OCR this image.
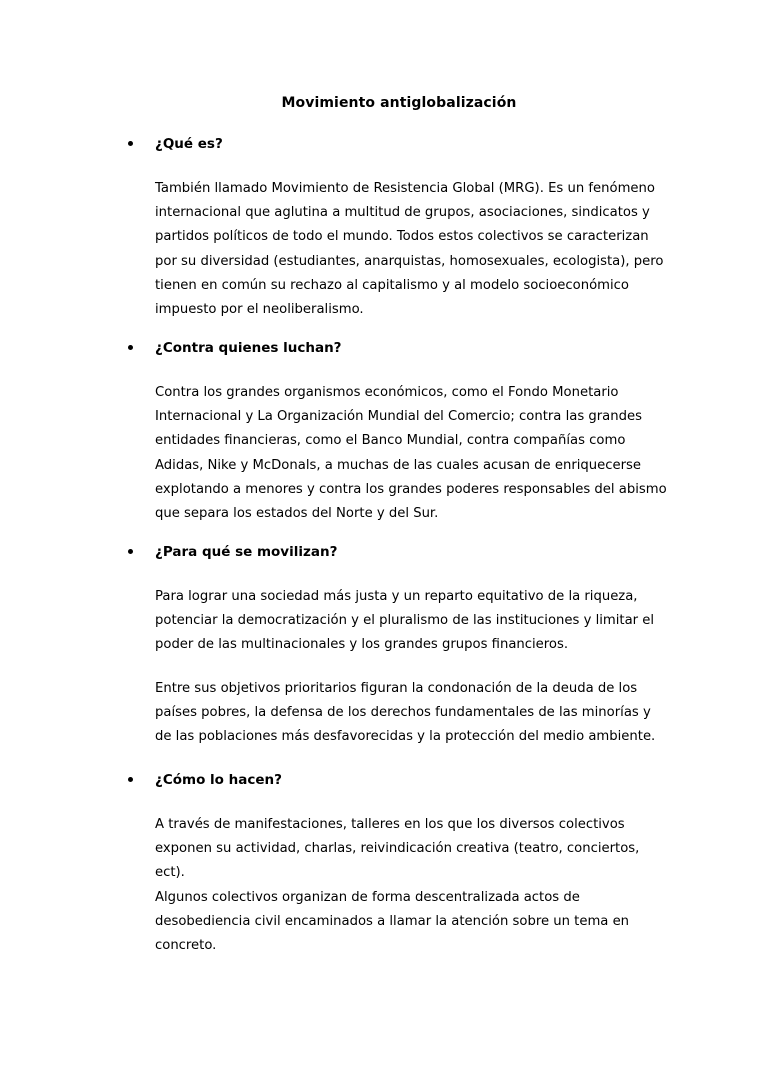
Movimiento antiglobalización
¿Qué es?
También llamado Movimiento de Resistencia Global (MRG). Es un fenómeno
internacional que aglutina a multitud de grupos, asociaciones, sindicatos y
partidos políticos de todo el mundo. Todos estos colectivos se caracterizan
por su diversidad (estudiantes, anarquistas, homosexuales, ecologista), pero
tienen en común su rechazo al capitalismo y al modelo socioeconómico
impuesto por el neoliberalismo.
¿Contra quienes luchan?
Contra los grandes organismos económicos, como el Fondo Monetario
Internacional y La Organización Mundial del Comercio; contra las grandes
entidades financieras, como el Banco Mundial, contra compañías como
Adidas, Nike y McDonals, a muchas de las cuales acusan de enriquecerse
explotando a menores y contra los grandes poderes responsables del abismo
que separa los estados del Norte y del Sur.
¿Para qué se movilizan?
Para lograr una sociedad más justa y un reparto equitativo de la riqueza,
potenciar la democratización y el pluralismo de las instituciones y limitar el
poder de las multinacionales y los grandes grupos financieros.
Entre sus objetivos prioritarios figuran la condonación de la deuda de los
países pobres, la defensa de los derechos fundamentales de las minorías y
de las poblaciones más desfavorecidas y la protección del medio ambiente.
¿Cómo lo hacen?
A través de manifestaciones, talleres en los que los diversos colectivos
exponen su actividad, charlas, reivindicación creativa (teatro, conciertos,
ect).
Algunos colectivos organizan de forma descentralizada actos de
desobediencia civil encaminados a llamar la atención sobre un tema en
concreto.
